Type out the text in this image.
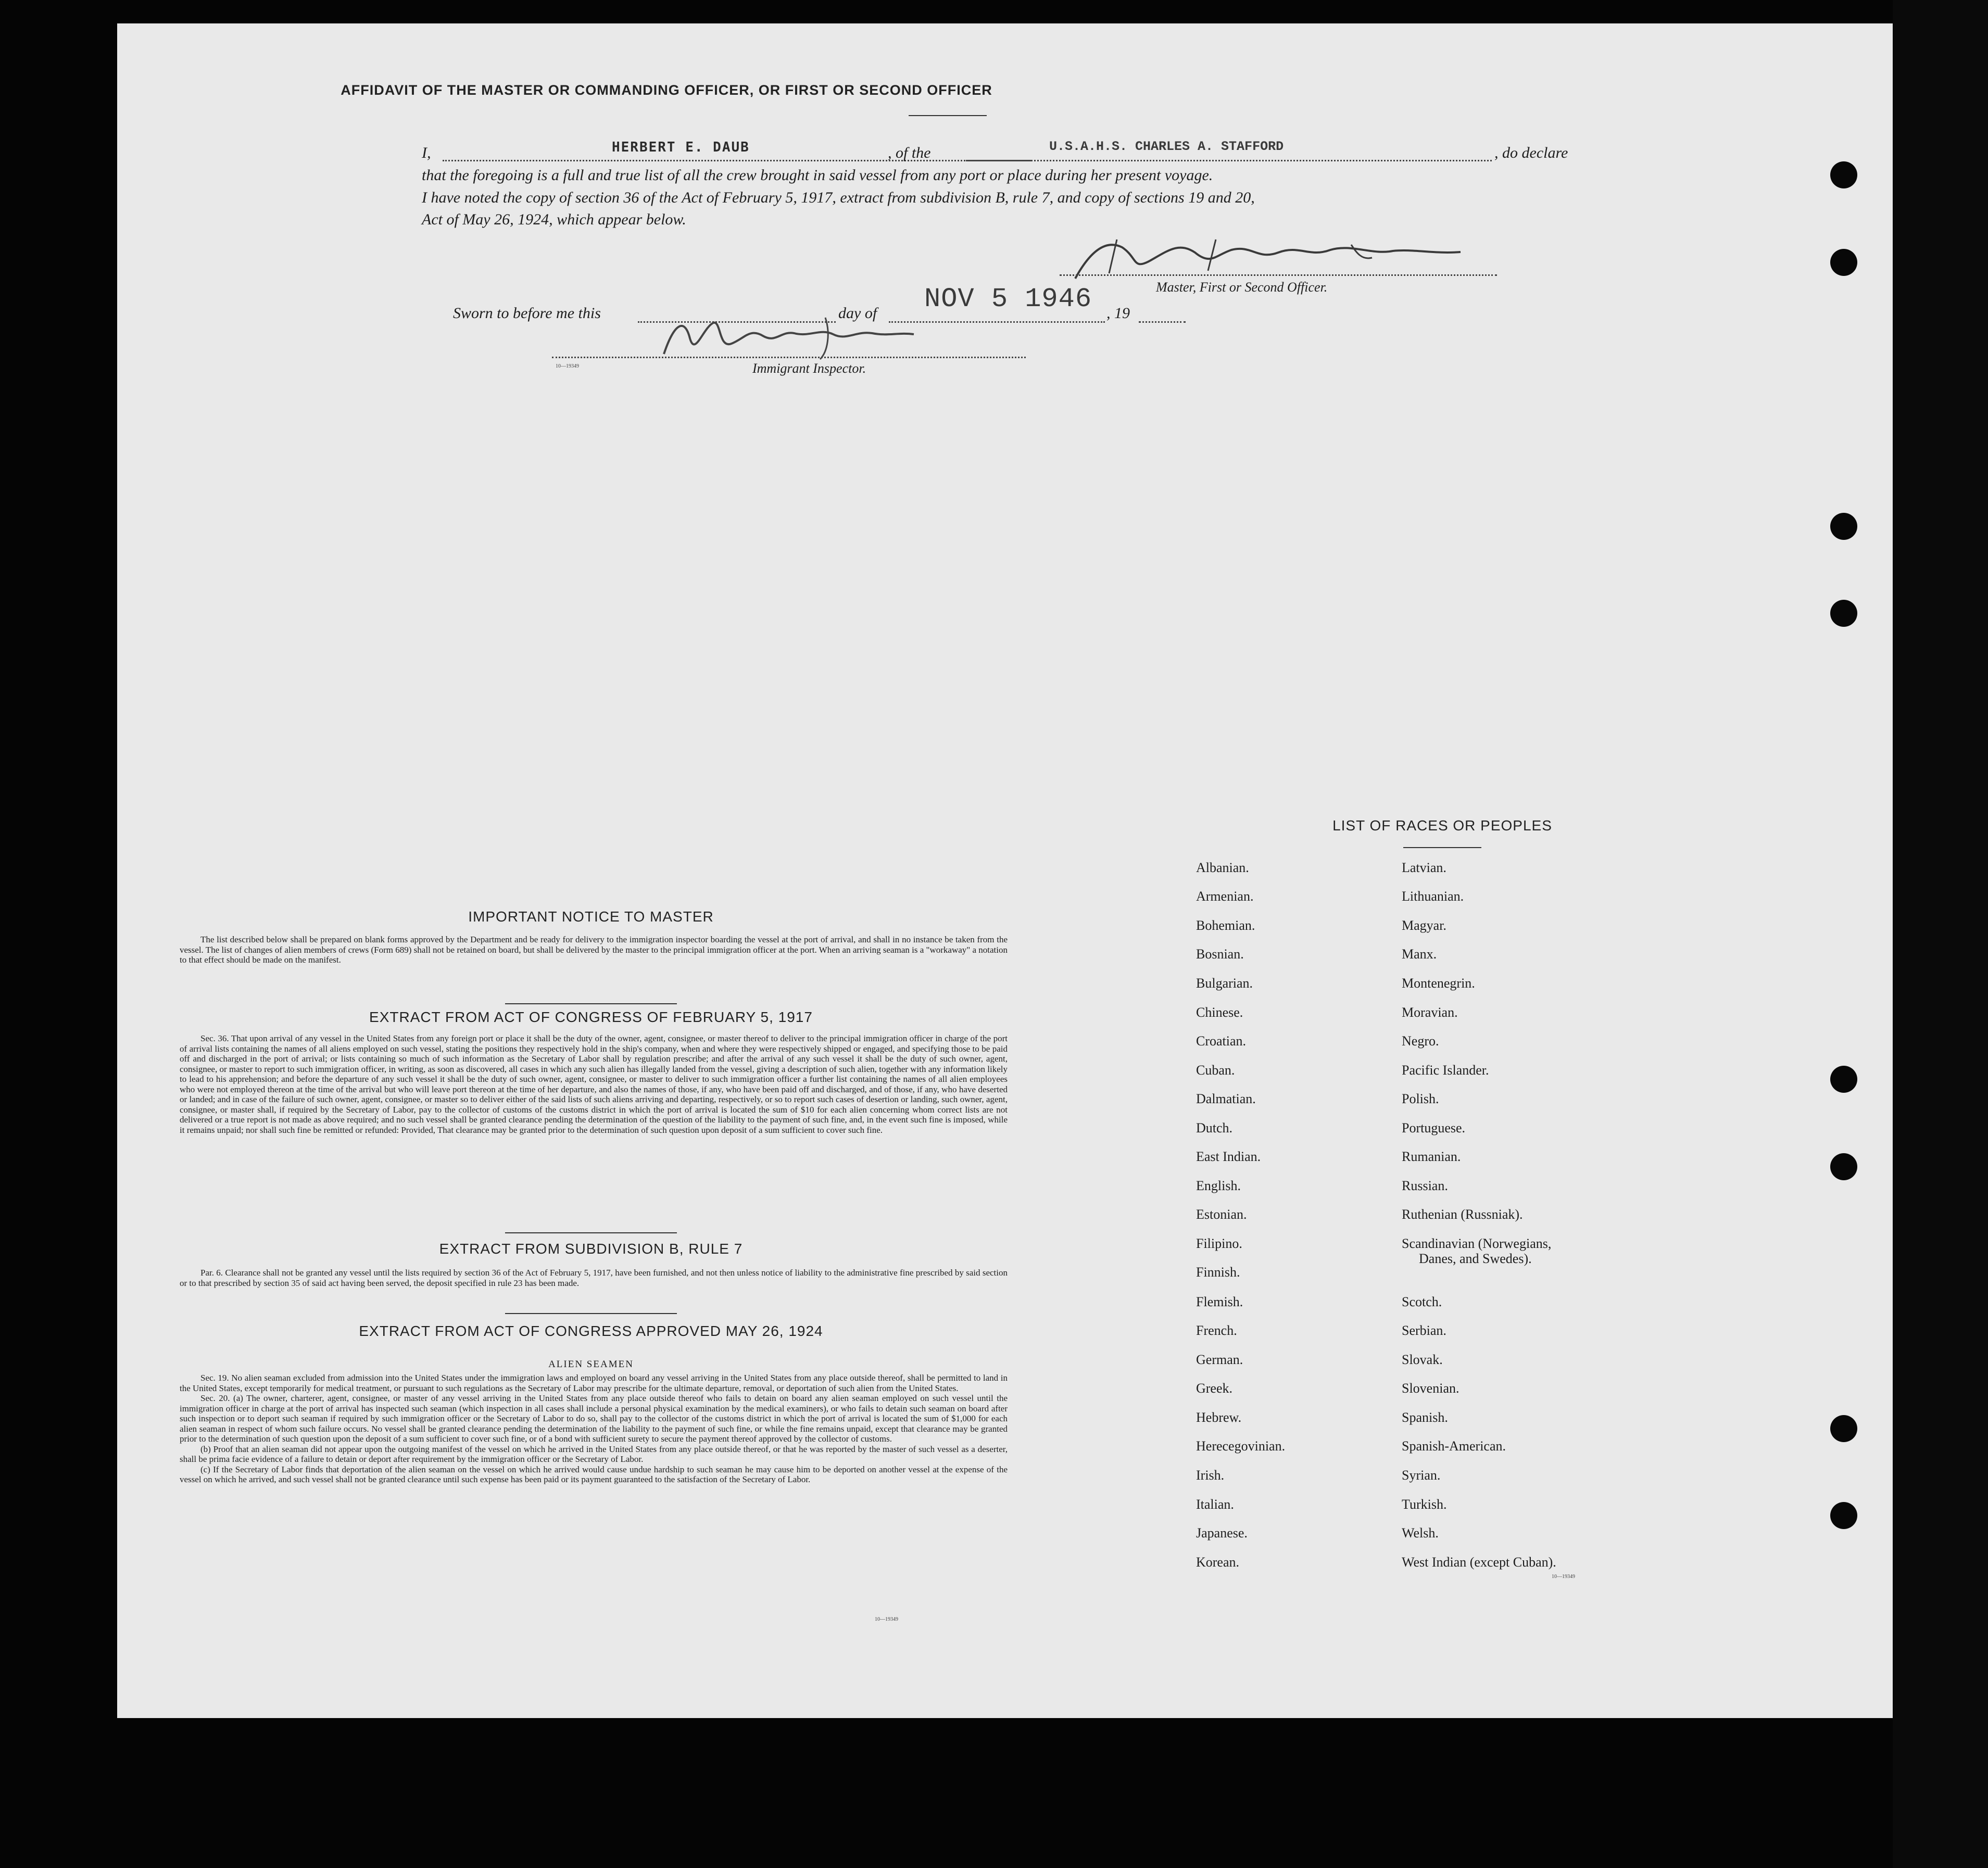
AFFIDAVIT OF THE MASTER OR COMMANDING OFFICER, OR FIRST OR SECOND OFFICER
I,	HERBERT E. DAUB	, of the	U.S.A.H.S. CHARLES A. STAFFORD	, do declare
that the foregoing is a full and true list of all the crew brought in said vessel from any port or place during her present voyage.
I have noted the copy of section 36 of the Act of February 5, 1917, extract from subdivision B, rule 7, and copy of sections 19 and 20,
Act of May 26, 1924, which appear below.
Master, First or Second Officer.
Sworn to before me this	day of NOV 5 1946 , 19
10—19349	Immigrant Inspector.
IMPORTANT NOTICE TO MASTER
The list described below shall be prepared on blank forms approved by the Department and be ready for delivery to the immigration inspector boarding the vessel at the port of arrival, and shall in no instance be taken from the vessel. The list of changes of alien members of crews (Form 689) shall not be retained on board, but shall be delivered by the master to the principal immigration officer at the port. When an arriving seaman is a "workaway" a notation to that effect should be made on the manifest.
EXTRACT FROM ACT OF CONGRESS OF FEBRUARY 5, 1917
Sec. 36. That upon arrival of any vessel in the United States from any foreign port or place it shall be the duty of the owner, agent, consignee, or master thereof to deliver to the principal immigration officer in charge of the port of arrival lists containing the names of all aliens employed on such vessel, stating the positions they respectively hold in the ship's company, when and where they were respectively shipped or engaged, and specifying those to be paid off and discharged in the port of arrival; or lists containing so much of such information as the Secretary of Labor shall by regulation prescribe; and after the arrival of any such vessel it shall be the duty of such owner, agent, consignee, or master to report to such immigration officer, in writing, as soon as discovered, all cases in which any such alien has illegally landed from the vessel, giving a description of such alien, together with any information likely to lead to his apprehension; and before the departure of any such vessel it shall be the duty of such owner, agent, consignee, or master to deliver to such immigration officer a further list containing the names of all alien employees who were not employed thereon at the time of the arrival but who will leave port thereon at the time of her departure, and also the names of those, if any, who have been paid off and discharged, and of those, if any, who have deserted or landed; and in case of the failure of such owner, agent, consignee, or master so to deliver either of the said lists of such aliens arriving and departing, respectively, or so to report such cases of desertion or landing, such owner, agent, consignee, or master shall, if required by the Secretary of Labor, pay to the collector of customs of the customs district in which the port of arrival is located the sum of $10 for each alien concerning whom correct lists are not delivered or a true report is not made as above required; and no such vessel shall be granted clearance pending the determination of the question of the liability to the payment of such fine, and, in the event such fine is imposed, while it remains unpaid; nor shall such fine be remitted or refunded: Provided, That clearance may be granted prior to the determination of such question upon deposit of a sum sufficient to cover such fine.
EXTRACT FROM SUBDIVISION B, RULE 7
Par. 6. Clearance shall not be granted any vessel until the lists required by section 36 of the Act of February 5, 1917, have been furnished, and not then unless notice of liability to the administrative fine prescribed by said section or to that prescribed by section 35 of said act having been served, the deposit specified in rule 23 has been made.
EXTRACT FROM ACT OF CONGRESS APPROVED MAY 26, 1924
ALIEN SEAMEN
Sec. 19. No alien seaman excluded from admission into the United States under the immigration laws and employed on board any vessel arriving in the United States from any place outside thereof, shall be permitted to land in the United States, except temporarily for medical treatment, or pursuant to such regulations as the Secretary of Labor may prescribe for the ultimate departure, removal, or deportation of such alien from the United States.
Sec. 20. (a) The owner, charterer, agent, consignee, or master of any vessel arriving in the United States from any place outside thereof who fails to detain on board any alien seaman employed on such vessel until the immigration officer in charge at the port of arrival has inspected such seaman (which inspection in all cases shall include a personal physical examination by the medical examiners), or who fails to detain such seaman on board after such inspection or to deport such seaman if required by such immigration officer or the Secretary of Labor to do so, shall pay to the collector of the customs district in which the port of arrival is located the sum of $1,000 for each alien seaman in respect of whom such failure occurs. No vessel shall be granted clearance pending the determination of the liability to the payment of such fine, or while the fine remains unpaid, except that clearance may be granted prior to the determination of such question upon the deposit of a sum sufficient to cover such fine, or of a bond with sufficient surety to secure the payment thereof approved by the collector of customs.
(b) Proof that an alien seaman did not appear upon the outgoing manifest of the vessel on which he arrived in the United States from any place outside thereof, or that he was reported by the master of such vessel as a deserter, shall be prima facie evidence of a failure to detain or deport after requirement by the immigration officer or the Secretary of Labor.
(c) If the Secretary of Labor finds that deportation of the alien seaman on the vessel on which he arrived would cause undue hardship to such seaman he may cause him to be deported on another vessel at the expense of the vessel on which he arrived, and such vessel shall not be granted clearance until such expense has been paid or its payment guaranteed to the satisfaction of the Secretary of Labor.
10—19349
LIST OF RACES OR PEOPLES
Albanian.
Armenian.
Bohemian.
Bosnian.
Bulgarian.
Chinese.
Croatian.
Cuban.
Dalmatian.
Dutch.
East Indian.
English.
Estonian.
Filipino.
Finnish.
Flemish.
French.
German.
Greek.
Hebrew.
Herecegovinian.
Irish.
Italian.
Japanese.
Korean.
Latvian.
Lithuanian.
Magyar.
Manx.
Montenegrin.
Moravian.
Negro.
Pacific Islander.
Polish.
Portuguese.
Rumanian.
Russian.
Ruthenian (Russniak).
Scandinavian (Norwegians,
Danes, and Swedes).
Scotch.
Serbian.
Slovak.
Slovenian.
Spanish.
Spanish-American.
Syrian.
Turkish.
Welsh.
West Indian (except Cuban).
10—19349
